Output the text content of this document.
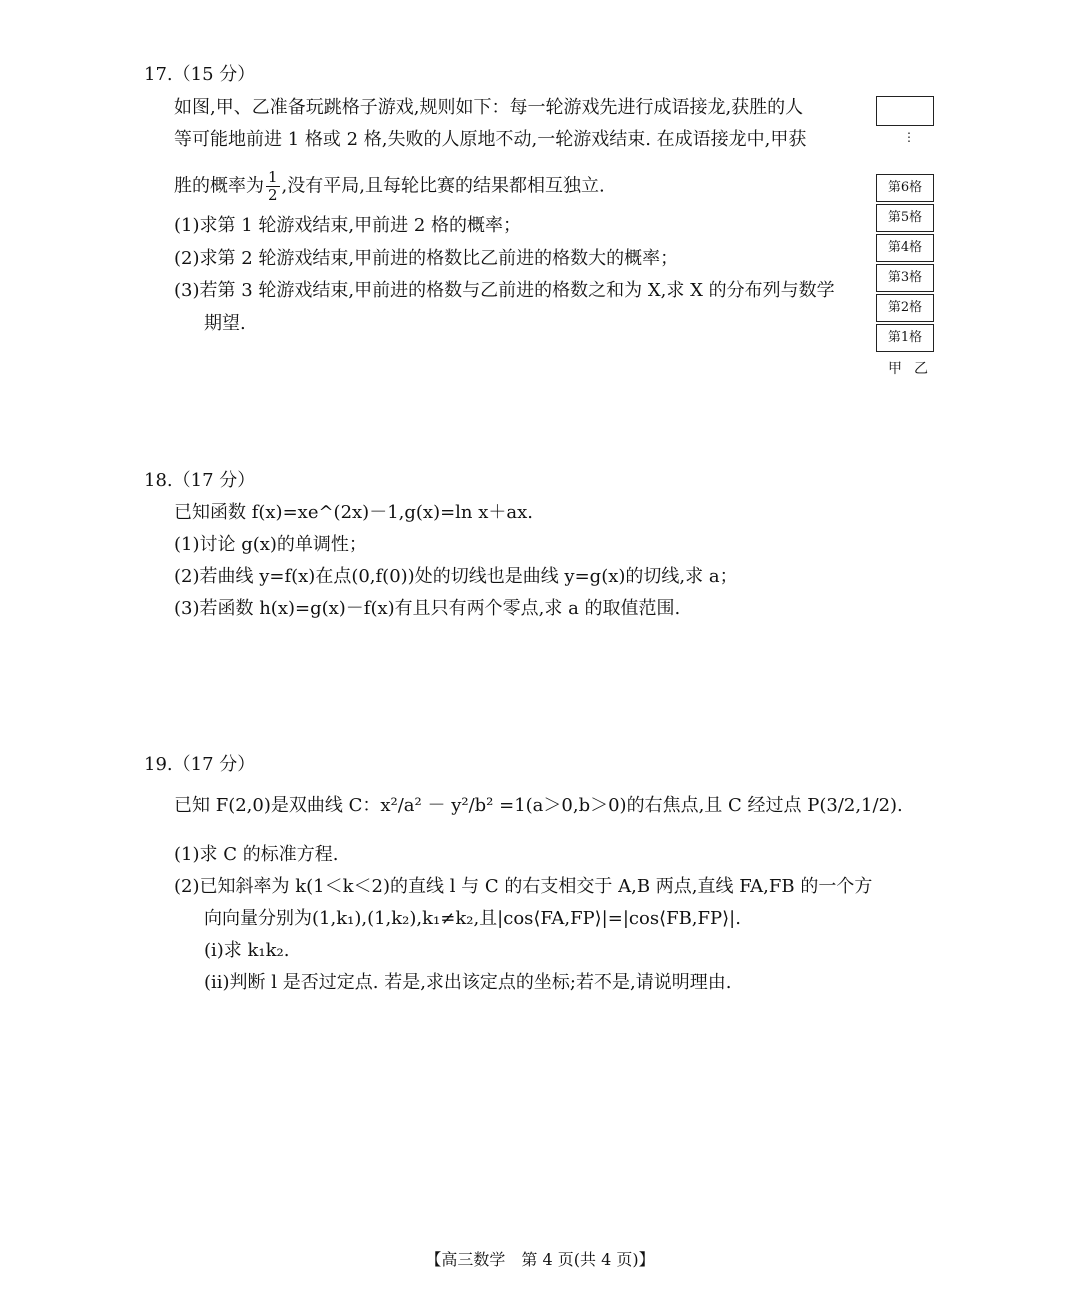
17.（15 分）
如图,甲、乙准备玩跳格子游戏,规则如下：每一轮游戏先进行成语接龙,获胜的人
等可能地前进 1 格或 2 格,失败的人原地不动,一轮游戏结束. 在成语接龙中,甲获
胜的概率为 $\frac{1}{2}$ ,没有平局,且每轮比赛的结果都相互独立.
(1)求第 1 轮游戏结束,甲前进 2 格的概率；
(2)求第 2 轮游戏结束,甲前进的格数比乙前进的格数大的概率；
(3)若第 3 轮游戏结束,甲前进的格数与乙前进的格数之和为 X,求 X 的分布列与数学
期望.
⋮
第6格
第5格
第4格
第3格
第2格
第1格
甲 乙
18.（17 分）
已知函数 f(x)=xe^(2x)－1,g(x)=ln x＋ax.
(1)讨论 g(x)的单调性；
(2)若曲线 y=f(x)在点(0,f(0))处的切线也是曲线 y=g(x)的切线,求 a；
(3)若函数 h(x)=g(x)－f(x)有且只有两个零点,求 a 的取值范围.
19.（17 分）
已知 F(2,0)是双曲线 C：x²/a² － y²/b² =1(a＞0,b＞0)的右焦点,且 C 经过点 P(3/2,1/2).
(1)求 C 的标准方程.
(2)已知斜率为 k(1＜k＜2)的直线 l 与 C 的右支相交于 A,B 两点,直线 FA,FB 的一个方
向向量分别为(1,k₁),(1,k₂),k₁≠k₂,且|cos⟨FA,FP⟩|=|cos⟨FB,FP⟩|.
(ⅰ)求 k₁k₂.
(ⅱ)判断 l 是否过定点. 若是,求出该定点的坐标;若不是,请说明理由.
【高三数学　第 4 页(共 4 页)】
